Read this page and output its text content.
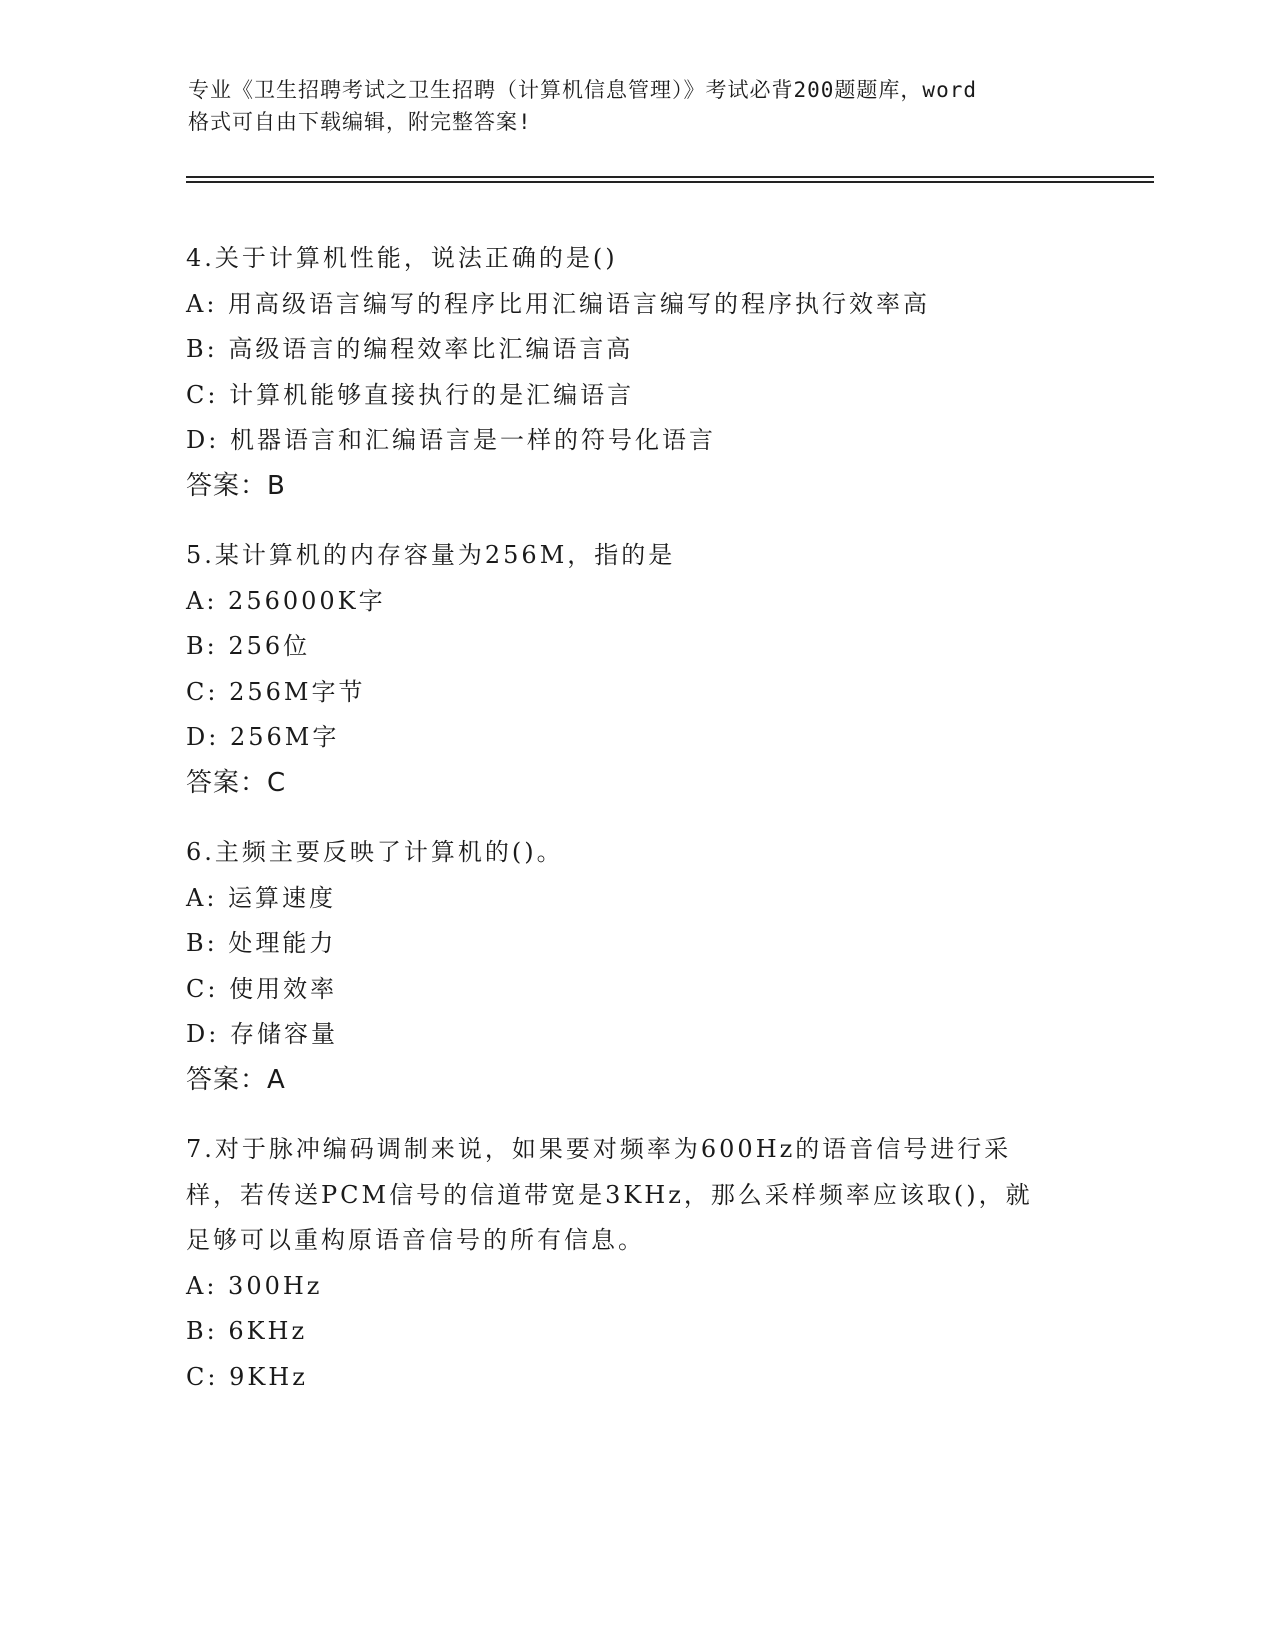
专业《卫生招聘考试之卫生招聘（计算机信息管理）》考试必背200题题库，word
格式可自由下载编辑，附完整答案!
4.关于计算机性能，说法正确的是()
A: 用高级语言编写的程序比用汇编语言编写的程序执行效率高
B: 高级语言的编程效率比汇编语言高
C: 计算机能够直接执行的是汇编语言
D: 机器语言和汇编语言是一样的符号化语言
答案：B
5.某计算机的内存容量为256M，指的是
A: 256000K字
B: 256位
C: 256M字节
D: 256M字
答案：C
6.主频主要反映了计算机的()。
A: 运算速度
B: 处理能力
C: 使用效率
D: 存储容量
答案：A
7.对于脉冲编码调制来说，如果要对频率为600Hz的语音信号进行采
样，若传送PCM信号的信道带宽是3KHz，那么采样频率应该取()，就
足够可以重构原语音信号的所有信息。
A: 300Hz
B: 6KHz
C: 9KHz
